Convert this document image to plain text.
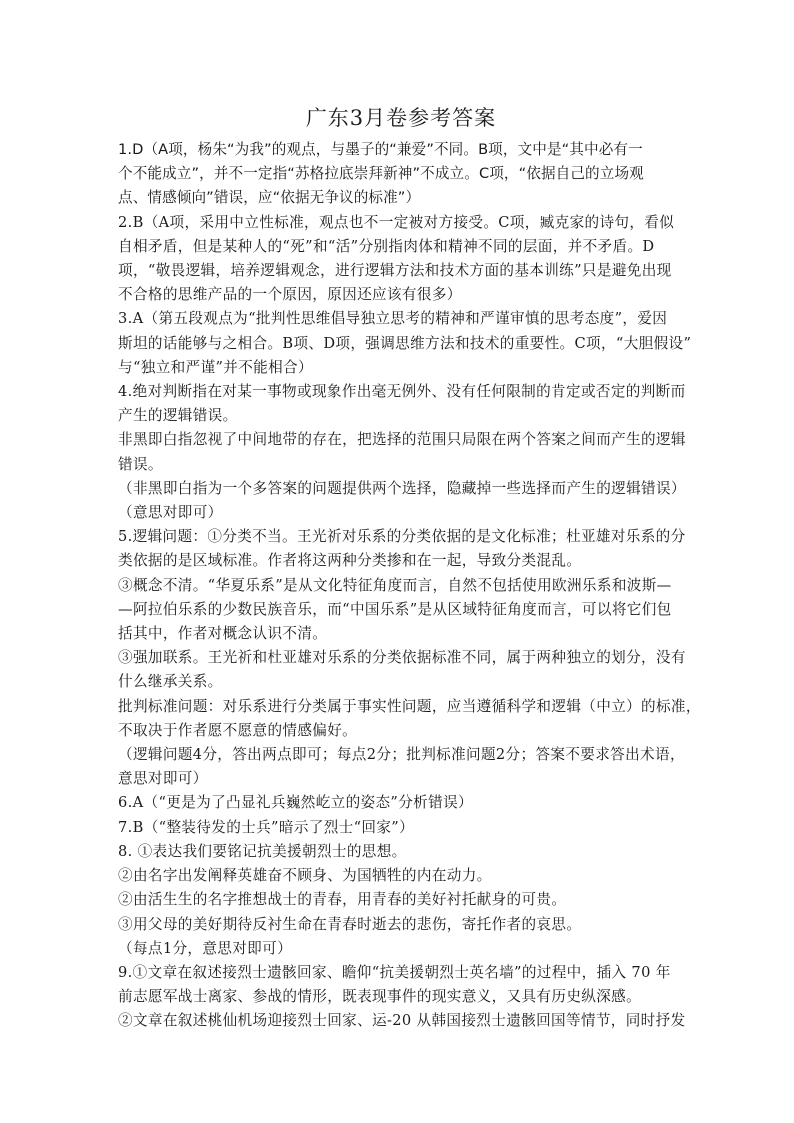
广东3月卷参考答案
1.D（A项，杨朱“为我”的观点，与墨子的“兼爱”不同。B项，文中是“其中必有一
个不能成立”，并不一定指“苏格拉底崇拜新神”不成立。C项，“依据自己的立场观
点、情感倾向”错误，应“依据无争议的标准”）
2.B（A项，采用中立性标准，观点也不一定被对方接受。C项，臧克家的诗句，看似
自相矛盾，但是某种人的“死”和“活”分别指肉体和精神不同的层面，并不矛盾。D
项，“敬畏逻辑，培养逻辑观念，进行逻辑方法和技术方面的基本训练”只是避免出现
不合格的思维产品的一个原因，原因还应该有很多）
3.A（第五段观点为“批判性思维倡导独立思考的精神和严谨审慎的思考态度”，爱因
斯坦的话能够与之相合。B项、D项，强调思维方法和技术的重要性。C项，“大胆假设”
与“独立和严谨”并不能相合）
4.绝对判断指在对某一事物或现象作出毫无例外、没有任何限制的肯定或否定的判断而
产生的逻辑错误。
非黑即白指忽视了中间地带的存在，把选择的范围只局限在两个答案之间而产生的逻辑
错误。
（非黑即白指为一个多答案的问题提供两个选择，隐藏掉一些选择而产生的逻辑错误）
（意思对即可）
5.逻辑问题：①分类不当。王光祈对乐系的分类依据的是文化标准；杜亚雄对乐系的分
类依据的是区域标准。作者将这两种分类掺和在一起，导致分类混乱。
③概念不清。“华夏乐系”是从文化特征角度而言，自然不包括使用欧洲乐系和波斯—
—阿拉伯乐系的少数民族音乐，而“中国乐系”是从区域特征角度而言，可以将它们包
括其中，作者对概念认识不清。
③强加联系。王光祈和杜亚雄对乐系的分类依据标准不同，属于两种独立的划分，没有
什么继承关系。
批判标准问题：对乐系进行分类属于事实性问题，应当遵循科学和逻辑（中立）的标准，
不取决于作者愿不愿意的情感偏好。
（逻辑问题4分，答出两点即可；每点2分；批判标准问题2分；答案不要求答出术语，
意思对即可）
6.A（“更是为了凸显礼兵巍然屹立的姿态”分析错误）
7.B（“整装待发的士兵”暗示了烈士“回家”）
8. ①表达我们要铭记抗美援朝烈士的思想。
②由名字出发阐释英雄奋不顾身、为国牺牲的内在动力。
②由活生生的名字推想战士的青春，用青春的美好衬托献身的可贵。
③用父母的美好期待反衬生命在青春时逝去的悲伤，寄托作者的哀思。
（每点1分，意思对即可）
9.①文章在叙述接烈士遗骸回家、瞻仰“抗美援朝烈士英名墙”的过程中，插入 70 年
前志愿军战士离家、参战的情形，既表现事件的现实意义，又具有历史纵深感。
②文章在叙述桃仙机场迎接烈士回家、运-20 从韩国接烈士遗骸回国等情节，同时抒发
